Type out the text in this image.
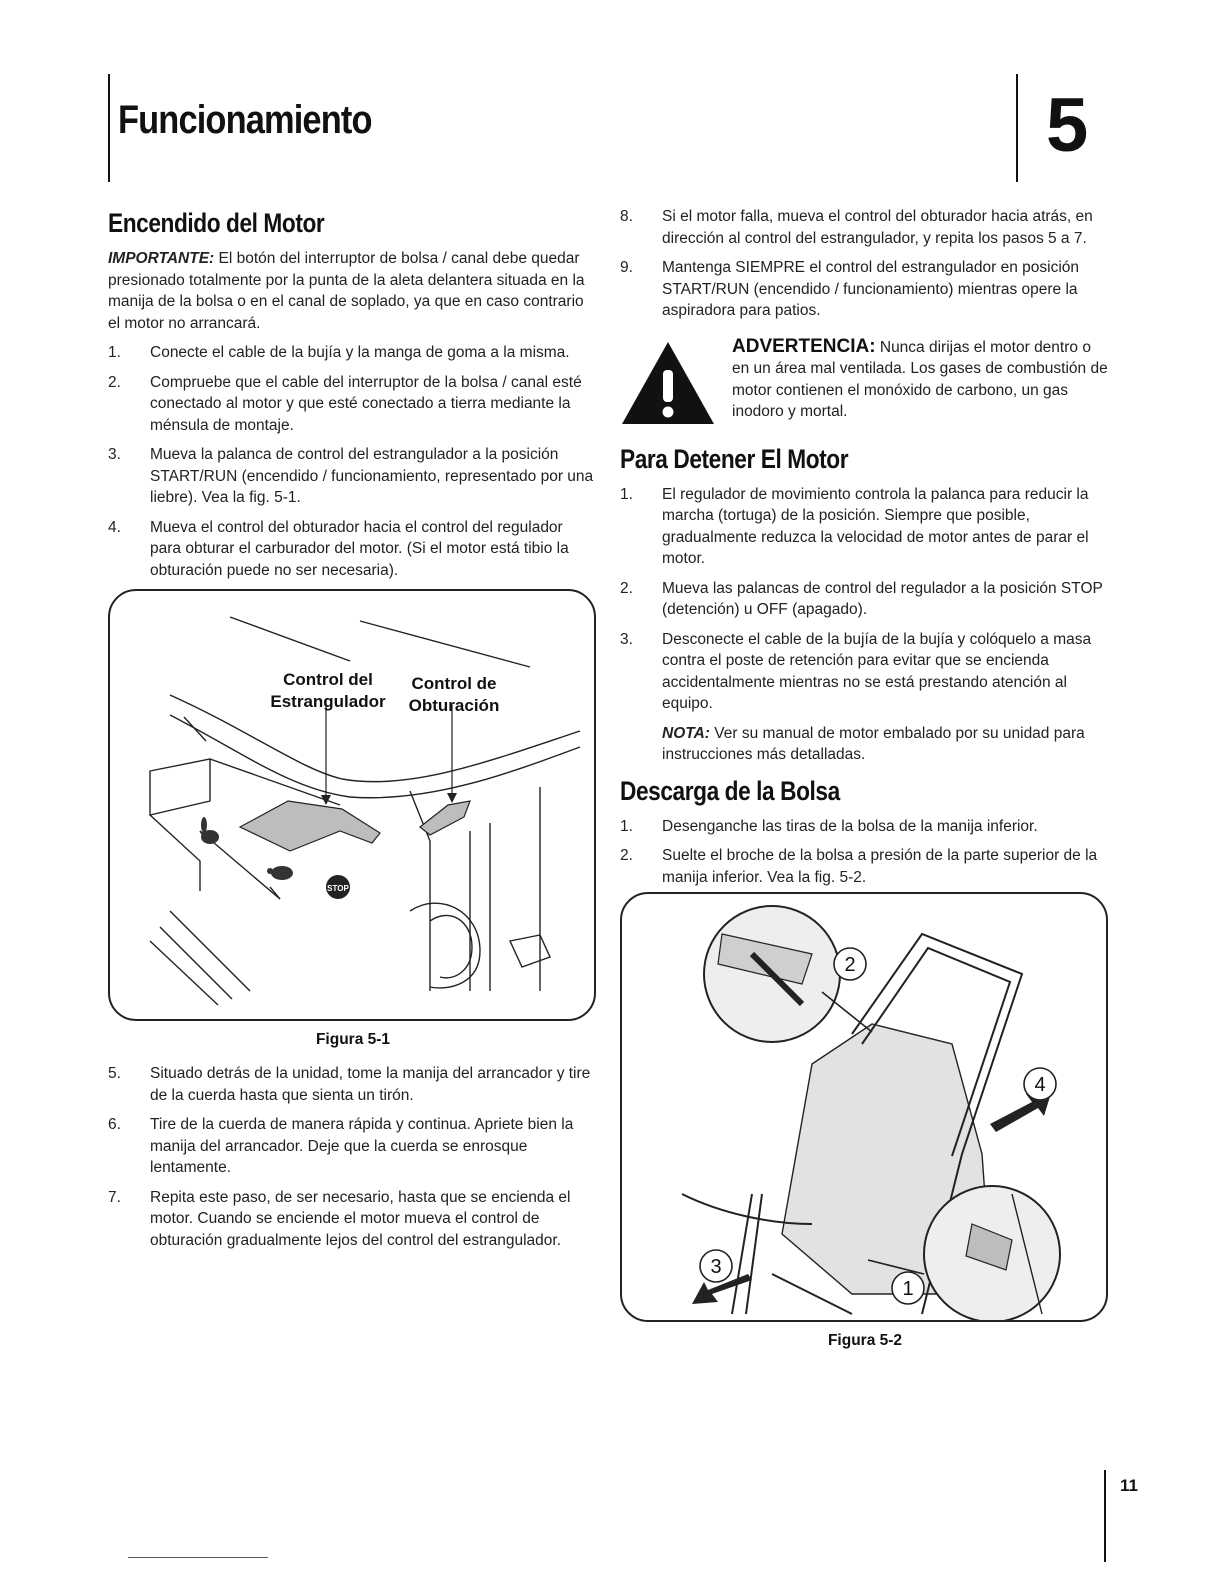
Funcionamiento	5
Encendido del Motor

IMPORTANTE: El botón del interruptor de bolsa / canal debe quedar presionado totalmente por la punta de la aleta delantera situada en la manija de la bolsa o en el canal de soplado, ya que en caso contrario el motor no arrancará.

1. Conecte el cable de la bujía y la manga de goma a la misma.
2. Compruebe que el cable del interruptor de la bolsa / canal esté conectado al motor y que esté conectado a tierra mediante la ménsula de montaje.
3. Mueva la palanca de control del estrangulador a la posición START/RUN (encendido / funcionamiento, representado por una liebre). Vea la fig. 5-1.
4. Mueva el control del obturador hacia el control del regulador para obturar el carburador del motor. (Si el motor está tibio la obturación puede no ser necesaria).
STOP
Control del
Estrangulador
Control de
Obturación
Figura 5-1
5. Situado detrás de la unidad, tome la manija del arrancador y tire de la cuerda hasta que sienta un tirón.
6. Tire de la cuerda de manera rápida y continua. Apriete bien la manija del arrancador. Deje que la cuerda se enrosque lentamente.
7. Repita este paso, de ser necesario, hasta que se encienda el motor. Cuando se enciende el motor mueva el control de obturación gradualmente lejos del control del estrangulador.
8. Si el motor falla, mueva el control del obturador hacia atrás, en dirección al control del estrangulador, y repita los pasos 5 a 7.
9. Mantenga SIEMPRE el control del estrangulador en posición START/RUN (encendido / funcionamiento) mientras opere la aspiradora para patios.
ADVERTENCIA: Nunca dirijas el motor dentro o en un área mal ventilada. Los gases de combustión de motor contienen el monóxido de carbono, un gas inodoro y mortal.
Para Detener El Motor
1. El regulador de movimiento controla la palanca para reducir la marcha (tortuga) de la posición. Siempre que posible, gradualmente reduzca la velocidad de motor antes de parar el motor.
2. Mueva las palancas de control del regulador a la posición STOP (detención) u OFF (apagado).
3. Desconecte el cable de la bujía de la bujía y colóquelo a masa contra el poste de retención para evitar que se encienda accidentalmente mientras no se está prestando atención al equipo.

NOTA: Ver su manual de motor embalado por su unidad para instrucciones más detalladas.

Descarga de la Bolsa
1. Desenganche las tiras de la bolsa de la manija inferior.
2. Suelte el broche de la bolsa a presión de la parte superior de la manija inferior. Vea la fig. 5-2.
2
4
3
1
Figura 5-2
11
